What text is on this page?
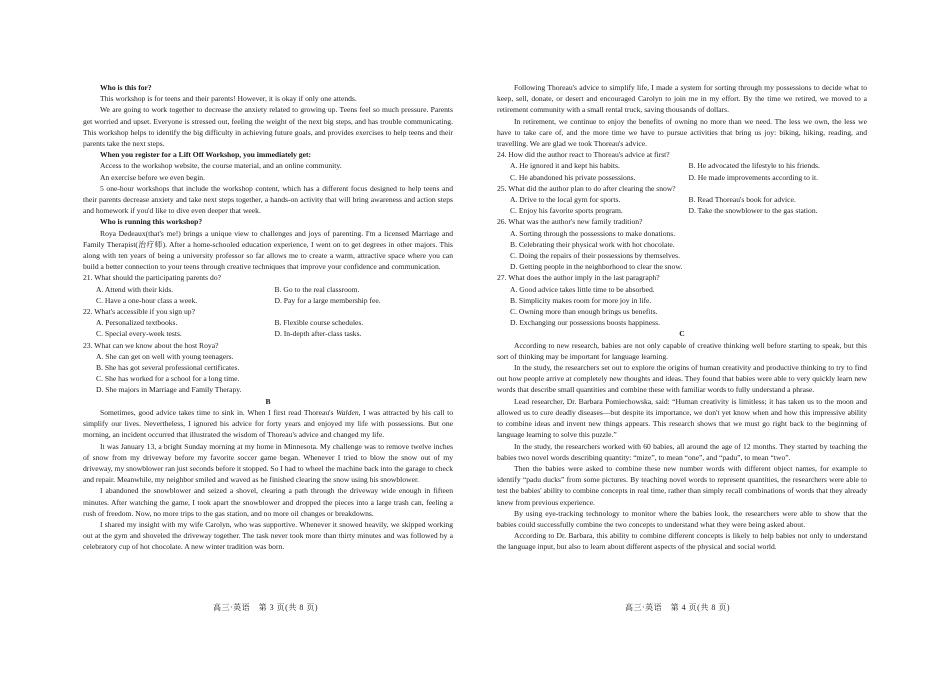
Who is this for?

This workshop is for teens and their parents! However, it is okay if only one attends.

We are going to work together to decrease the anxiety related to growing up. Teens feel so much pressure. Parents get worried and upset. Everyone is stressed out, feeling the weight of the next big steps, and has trouble communicating. This workshop helps to identify the big difficulty in achieving future goals, and provides exercises to help teens and their parents take the next steps.

When you register for a Lift Off Workshop, you immediately get:

Access to the workshop website, the course material, and an online community.

An exercise before we even begin.

5 one-hour workshops that include the workshop content, which has a different focus designed to help teens and their parents decrease anxiety and take next steps together, a hands-on activity that will bring awareness and action steps and homework if you'd like to dive even deeper that week.

Who is running this workshop?

Roya Dedeaux(that's me!) brings a unique view to challenges and joys of parenting. I'm a licensed Marriage and Family Therapist(治疗师). After a home-schooled education experience, I went on to get degrees in other majors. This along with ten years of being a university professor so far allows me to create a warm, attractive space where you can build a better connection to your teens through creative techniques that improve your confidence and communication.

21. What should the participating parents do?

A. Attend with their kids.	B. Go to the real classroom.
C. Have a one-hour class a week.	D. Pay for a large membership fee.

22. What's accessible if you sign up?

A. Personalized textbooks.	B. Flexible course schedules.
C. Special every-week tests.	D. In-depth after-class tasks.

23. What can we know about the host Roya?

A. She can get on well with young teenagers.
B. She has got several professional certificates.
C. She has worked for a school for a long time.
D. She majors in Marriage and Family Therapy.

B

Sometimes, good advice takes time to sink in. When I first read Thoreau's Walden, I was attracted by his call to simplify our lives. Nevertheless, I ignored his advice for forty years and enjoyed my life with possessions. But one morning, an incident occurred that illustrated the wisdom of Thoreau's advice and changed my life.

It was January 13, a bright Sunday morning at my home in Minnesota. My challenge was to remove twelve inches of snow from my driveway before my favorite soccer game began. Whenever I tried to blow the snow out of my driveway, my snowblower ran just seconds before it stopped. So I had to wheel the machine back into the garage to check and repair. Meanwhile, my neighbor smiled and waved as he finished clearing the snow using his snowblower.

I abandoned the snowblower and seized a shovel, clearing a path through the driveway wide enough in fifteen minutes. After watching the game, I took apart the snowblower and dropped the pieces into a large trash can, feeling a rush of freedom. Now, no more trips to the gas station, and no more oil changes or breakdowns.

I shared my insight with my wife Carolyn, who was supportive. Whenever it snowed heavily, we skipped working out at the gym and shoveled the driveway together. The task never took more than thirty minutes and was followed by a celebratory cup of hot chocolate. A new winter tradition was born.

Following Thoreau's advice to simplify life, I made a system for sorting through my possessions to decide what to keep, sell, donate, or desert and encouraged Carolyn to join me in my effort. By the time we retired, we moved to a retirement community with a small rental truck, saving thousands of dollars.

In retirement, we continue to enjoy the benefits of owning no more than we need. The less we own, the less we have to take care of, and the more time we have to pursue activities that bring us joy: biking, hiking, reading, and travelling. We are glad we took Thoreau's advice.

24. How did the author react to Thoreau's advice at first?

A. He ignored it and kept his habits.	B. He advocated the lifestyle to his friends.
C. He abandoned his private possessions.	D. He made improvements according to it.

25. What did the author plan to do after clearing the snow?

A. Drive to the local gym for sports.	B. Read Thoreau's book for advice.
C. Enjoy his favorite sports program.	D. Take the snowblower to the gas station.

26. What was the author's new family tradition?

A. Sorting through the possessions to make donations.
B. Celebrating their physical work with hot chocolate.
C. Doing the repairs of their possessions by themselves.
D. Getting people in the neighborhood to clear the snow.

27. What does the author imply in the last paragraph?

A. Good advice takes little time to be absorbed.
B. Simplicity makes room for more joy in life.
C. Owning more than enough brings us benefits.
D. Exchanging our possessions boosts happiness.

C

According to new research, babies are not only capable of creative thinking well before starting to speak, but this sort of thinking may be important for language learning.

In the study, the researchers set out to explore the origins of human creativity and productive thinking to try to find out how people arrive at completely new thoughts and ideas. They found that babies were able to very quickly learn new words that describe small quantities and combine these with familiar words to fully understand a phrase.

Lead researcher, Dr. Barbara Pomiechowska, said: “Human creativity is limitless; it has taken us to the moon and allowed us to cure deadly diseases—but despite its importance, we don't yet know when and how this impressive ability to combine ideas and invent new things appears. This research shows that we must go right back to the beginning of language learning to solve this puzzle.”

In the study, the researchers worked with 60 babies, all around the age of 12 months. They started by teaching the babies two novel words describing quantity: “mize”, to mean “one”, and “padu”, to mean “two”.

Then the babies were asked to combine these new number words with different object names, for example to identify “padu ducks” from some pictures. By teaching novel words to represent quantities, the researchers were able to test the babies' ability to combine concepts in real time, rather than simply recall combinations of words that they already knew from previous experience.

By using eye-tracking technology to monitor where the babies look, the researchers were able to show that the babies could successfully combine the two concepts to understand what they were being asked about.

According to Dr. Barbara, this ability to combine different concepts is likely to help babies not only to understand the language input, but also to learn about different aspects of the physical and social world.

高三·英语　第 3 页(共 8 页)	高三·英语　第 4 页(共 8 页)
